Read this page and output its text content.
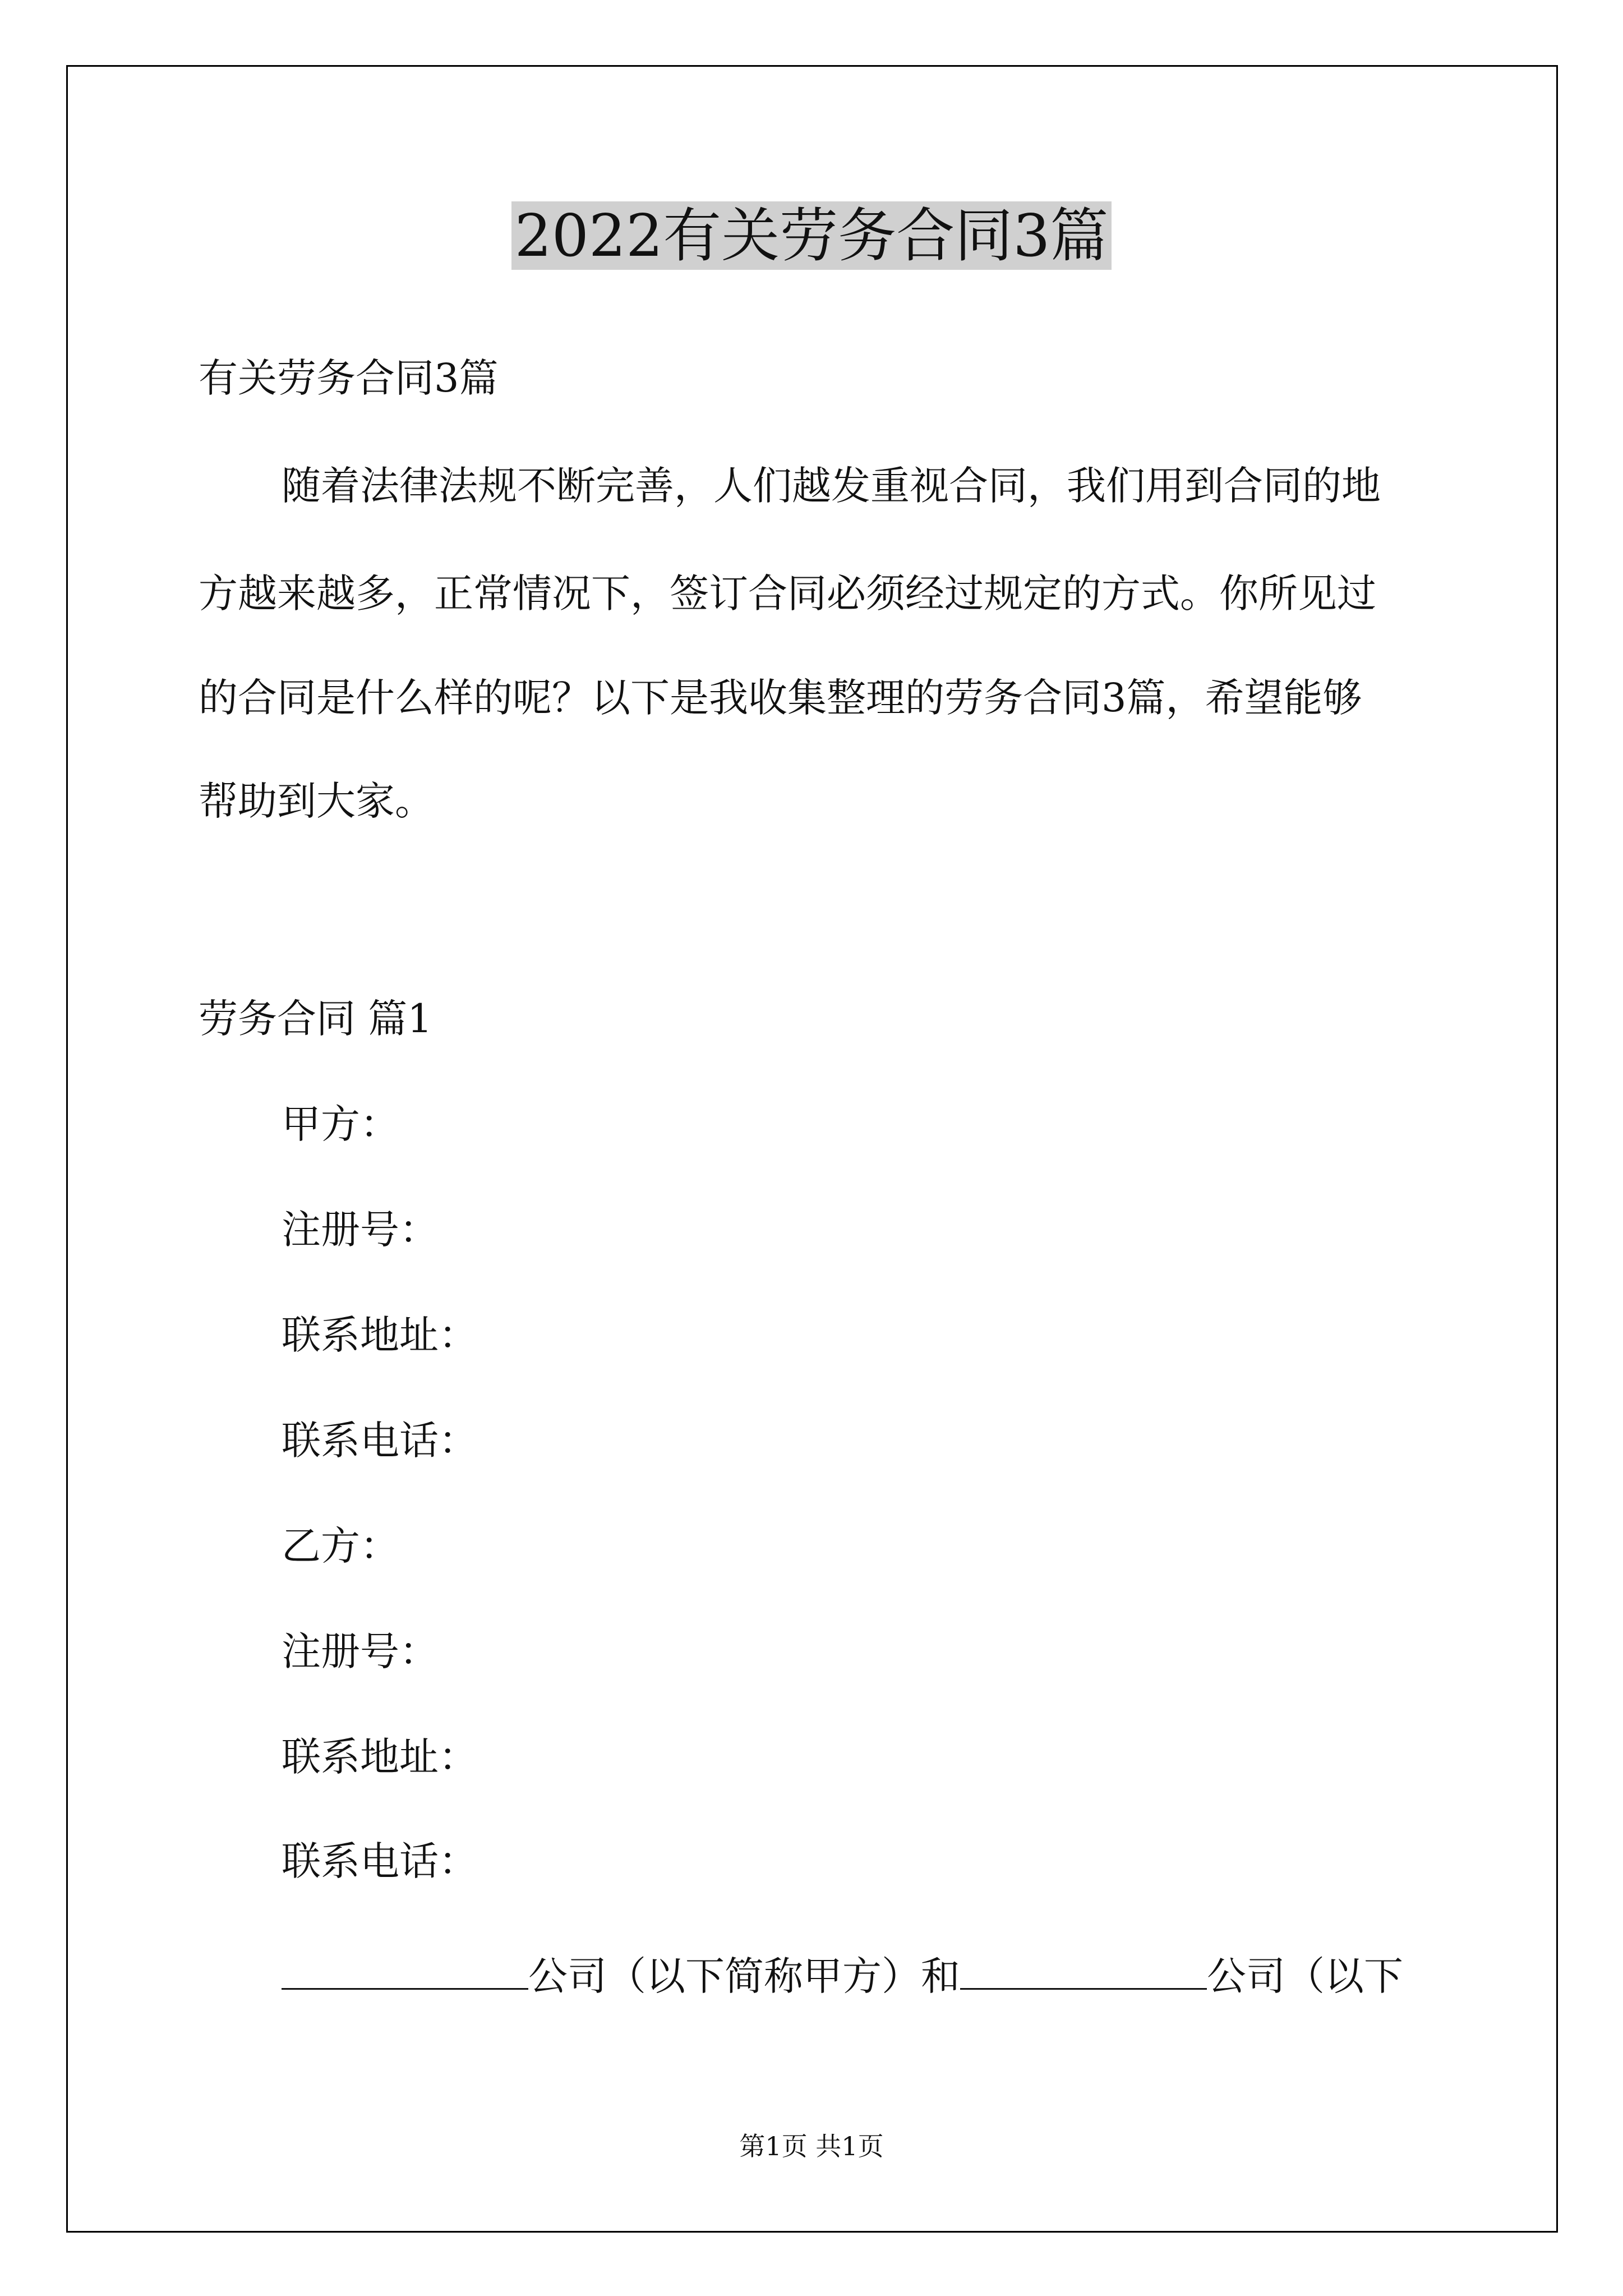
2022有关劳务合同3篇
有关劳务合同3篇
随着法律法规不断完善，人们越发重视合同，我们用到合同的地
方越来越多，正常情况下，签订合同必须经过规定的方式。你所见过
的合同是什么样的呢？以下是我收集整理的劳务合同3篇，希望能够
帮助到大家。
劳务合同 篇1
甲方：
注册号：
联系地址：
联系电话：
乙方：
注册号：
联系地址：
联系电话：
公司（以下简称甲方）和	公司（以下
第1页 共1页
